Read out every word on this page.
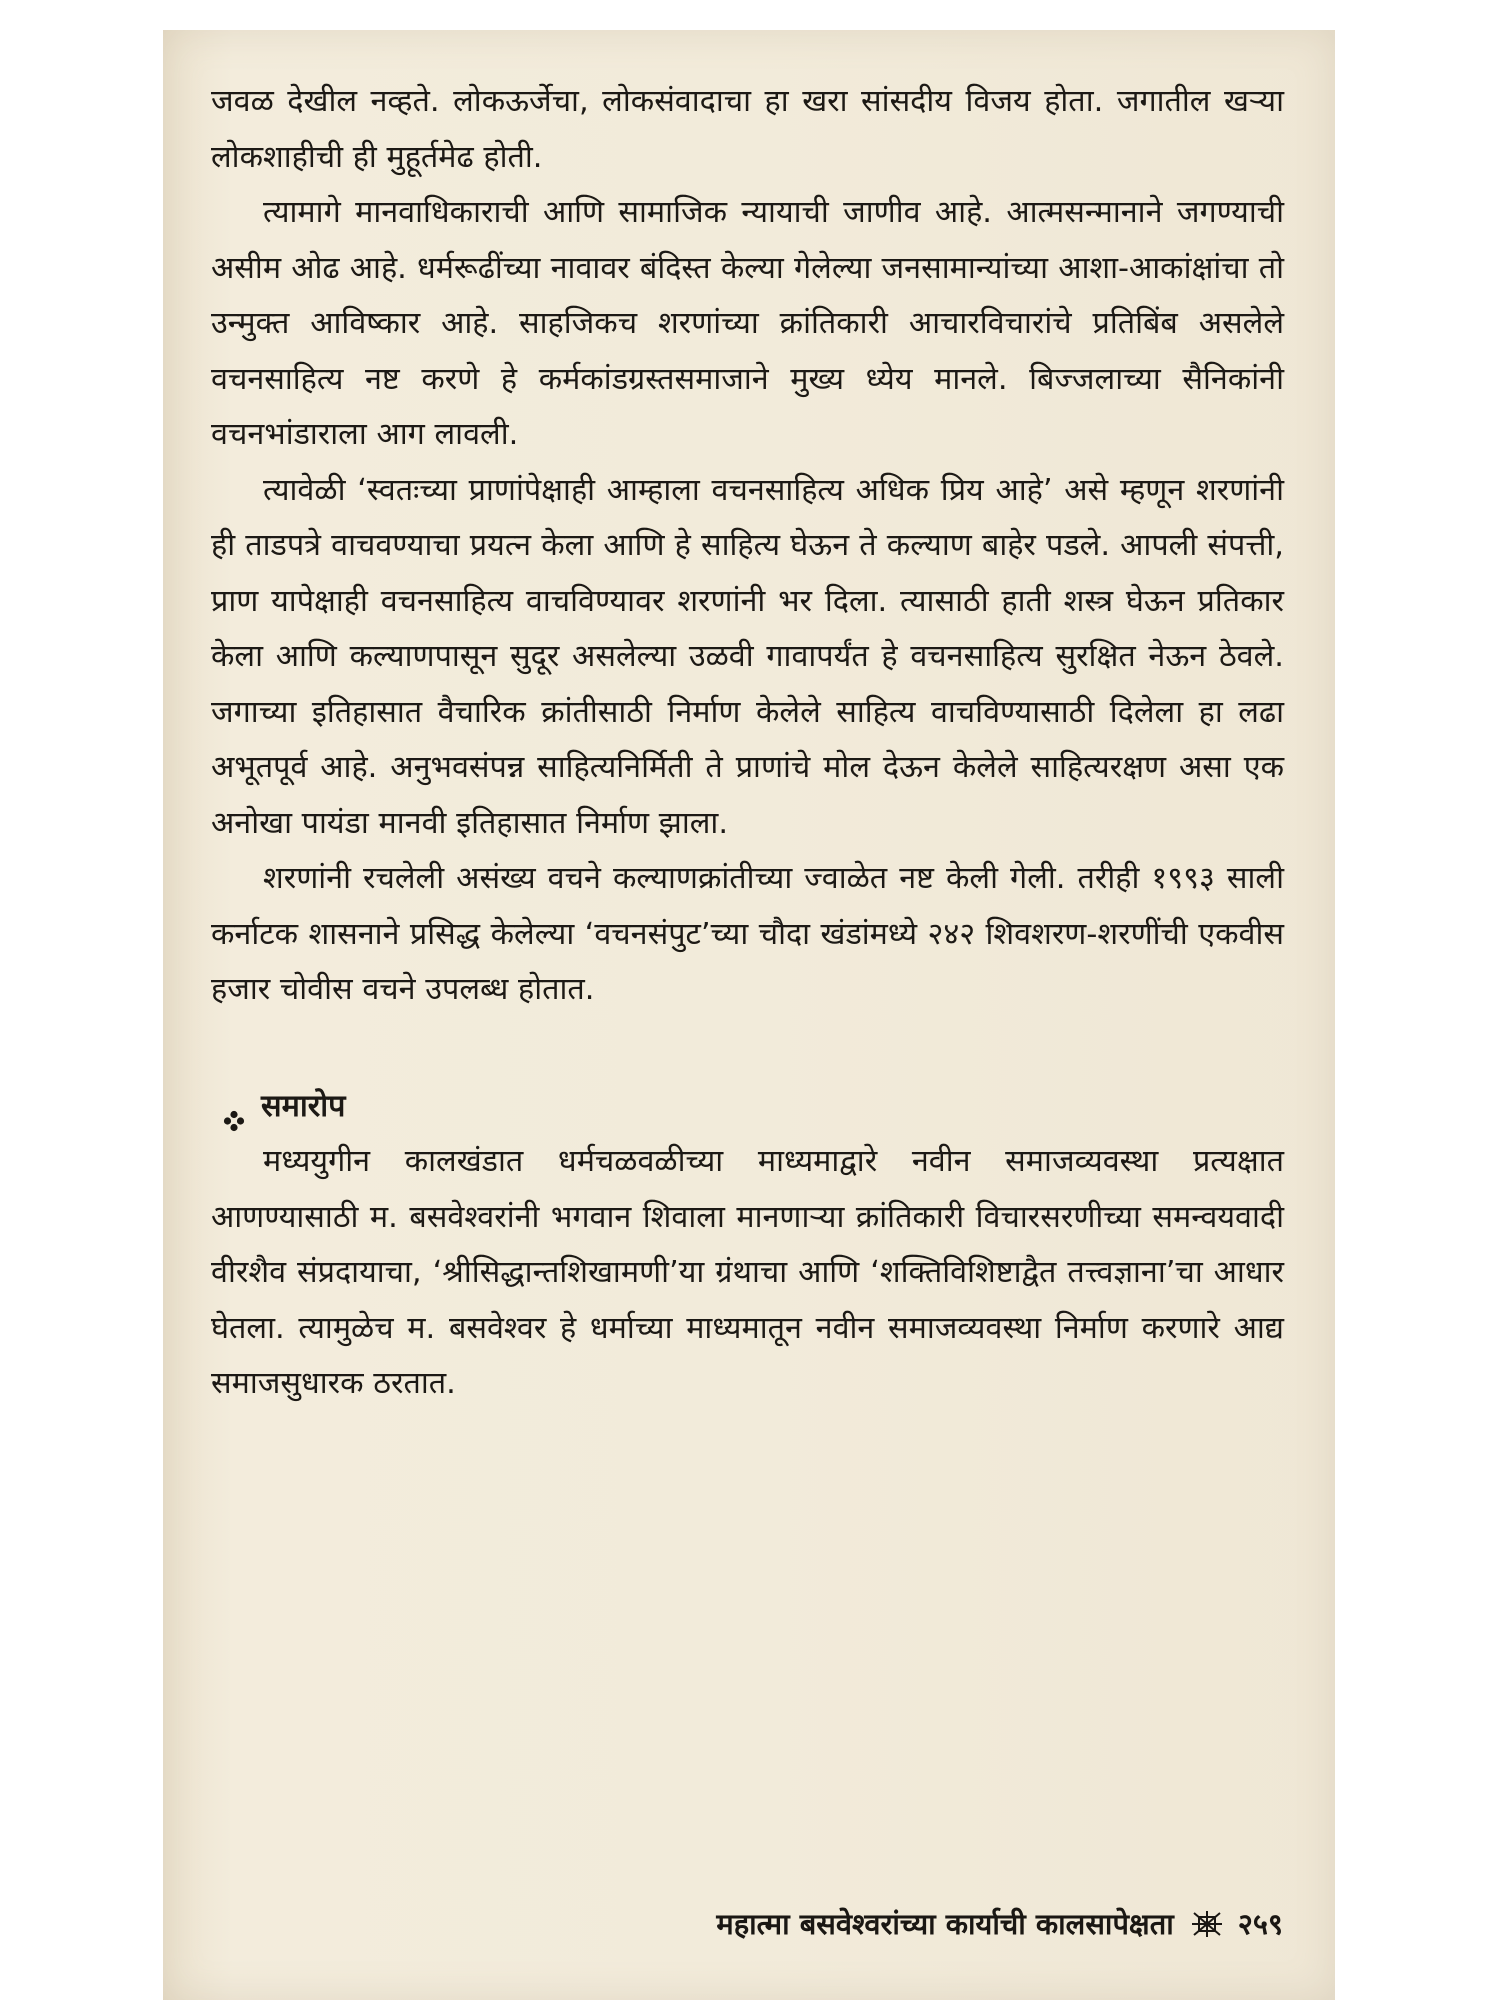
जवळ देखील नव्हते. लोकऊर्जेचा, लोकसंवादाचा हा खरा सांसदीय विजय होता. जगातील खऱ्या लोकशाहीची ही मुहूर्तमेढ होती.

त्यामागे मानवाधिकाराची आणि सामाजिक न्यायाची जाणीव आहे. आत्मसन्मानाने जगण्याची असीम ओढ आहे. धर्मरूढींच्या नावावर बंदिस्त केल्या गेलेल्या जनसामान्यांच्या आशा-आकांक्षांचा तो उन्मुक्त आविष्कार आहे. साहजिकच शरणांच्या क्रांतिकारी आचारविचारांचे प्रतिबिंब असलेले वचनसाहित्य नष्ट करणे हे कर्मकांडग्रस्तसमाजाने मुख्य ध्येय मानले. बिज्जलाच्या सैनिकांनी वचनभांडाराला आग लावली.

त्यावेळी ‘स्वतःच्या प्राणांपेक्षाही आम्हाला वचनसाहित्य अधिक प्रिय आहे’ असे म्हणून शरणांनी ही ताडपत्रे वाचवण्याचा प्रयत्न केला आणि हे साहित्य घेऊन ते कल्याण बाहेर पडले. आपली संपत्ती, प्राण यापेक्षाही वचनसाहित्य वाचविण्यावर शरणांनी भर दिला. त्यासाठी हाती शस्त्र घेऊन प्रतिकार केला आणि कल्याणपासून सुदूर असलेल्या उळवी गावापर्यंत हे वचनसाहित्य सुरक्षित नेऊन ठेवले. जगाच्या इतिहासात वैचारिक क्रांतीसाठी निर्माण केलेले साहित्य वाचविण्यासाठी दिलेला हा लढा अभूतपूर्व आहे. अनुभवसंपन्न साहित्यनिर्मिती ते प्राणांचे मोल देऊन केलेले साहित्यरक्षण असा एक अनोखा पायंडा मानवी इतिहासात निर्माण झाला.

शरणांनी रचलेली असंख्य वचने कल्याणक्रांतीच्या ज्वाळेत नष्ट केली गेली. तरीही १९९३ साली कर्नाटक शासनाने प्रसिद्ध केलेल्या ‘वचनसंपुट’च्या चौदा खंडांमध्ये २४२ शिवशरण-शरणींची एकवीस हजार चोवीस वचने उपलब्ध होतात.

समारोप

मध्ययुगीन कालखंडात धर्मचळवळीच्या माध्यमाद्वारे नवीन समाजव्यवस्था प्रत्यक्षात आणण्यासाठी म. बसवेश्वरांनी भगवान शिवाला मानणाऱ्या क्रांतिकारी विचारसरणीच्या समन्वयवादी वीरशैव संप्रदायाचा, ‘श्रीसिद्धान्तशिखामणी’या ग्रंथाचा आणि ‘शक्तिविशिष्टाद्वैत तत्त्वज्ञाना’चा आधार घेतला. त्यामुळेच म. बसवेश्वर हे धर्माच्या माध्यमातून नवीन समाजव्यवस्था निर्माण करणारे आद्य समाजसुधारक ठरतात.

महात्मा बसवेश्वरांच्या कार्याची कालसापेक्षता २५९
